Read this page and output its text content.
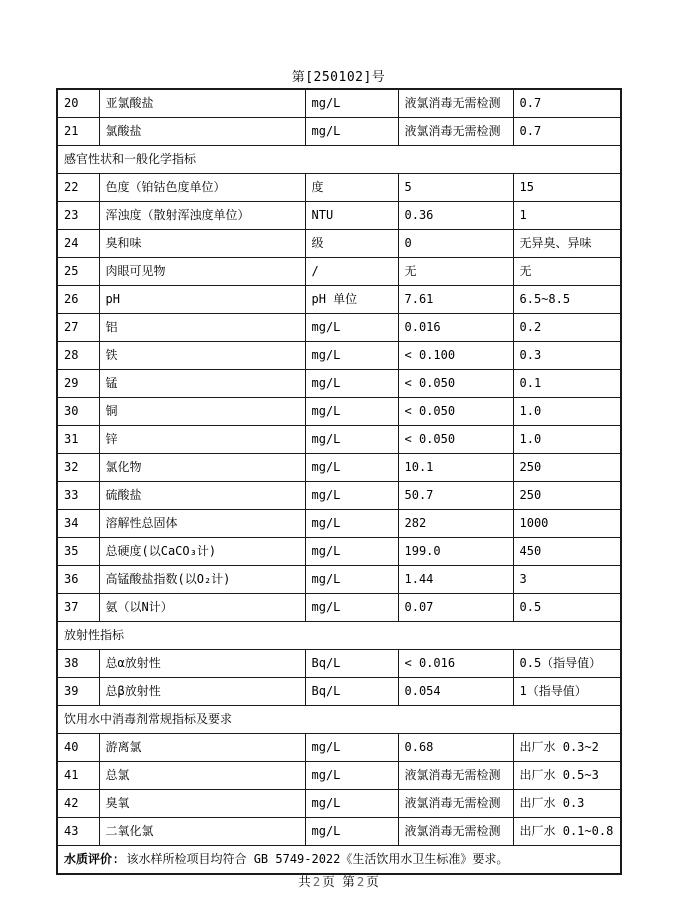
第[250102]号
20	亚氯酸盐	mg/L	液氯消毒无需检测	0.7
21	氯酸盐	mg/L	液氯消毒无需检测	0.7
感官性状和一般化学指标				
22	色度（铂钴色度单位）	度	5	15
23	浑浊度（散射浑浊度单位）	NTU	0.36	1
24	臭和味	级	0	无异臭、异味
25	肉眼可见物	/	无	无
26	pH	pH 单位	7.61	6.5~8.5
27	铝	mg/L	0.016	0.2
28	铁	mg/L	< 0.100	0.3
29	锰	mg/L	< 0.050	0.1
30	铜	mg/L	< 0.050	1.0
31	锌	mg/L	< 0.050	1.0
32	氯化物	mg/L	10.1	250
33	硫酸盐	mg/L	50.7	250
34	溶解性总固体	mg/L	282	1000
35	总硬度(以CaCO₃计)	mg/L	199.0	450
36	高锰酸盐指数(以O₂计)	mg/L	1.44	3
37	氨（以N计）	mg/L	0.07	0.5
放射性指标				
38	总α放射性	Bq/L	< 0.016	0.5（指导值）
39	总β放射性	Bq/L	0.054	1（指导值）
饮用水中消毒剂常规指标及要求				
40	游离氯	mg/L	0.68	出厂水 0.3~2
41	总氯	mg/L	液氯消毒无需检测	出厂水 0.5~3
42	臭氧	mg/L	液氯消毒无需检测	出厂水 0.3
43	二氧化氯	mg/L	液氯消毒无需检测	出厂水 0.1~0.8
水质评价: 该水样所检项目均符合 GB 5749-2022《生活饮用水卫生标准》要求。				
共 2 页 第 2 页
